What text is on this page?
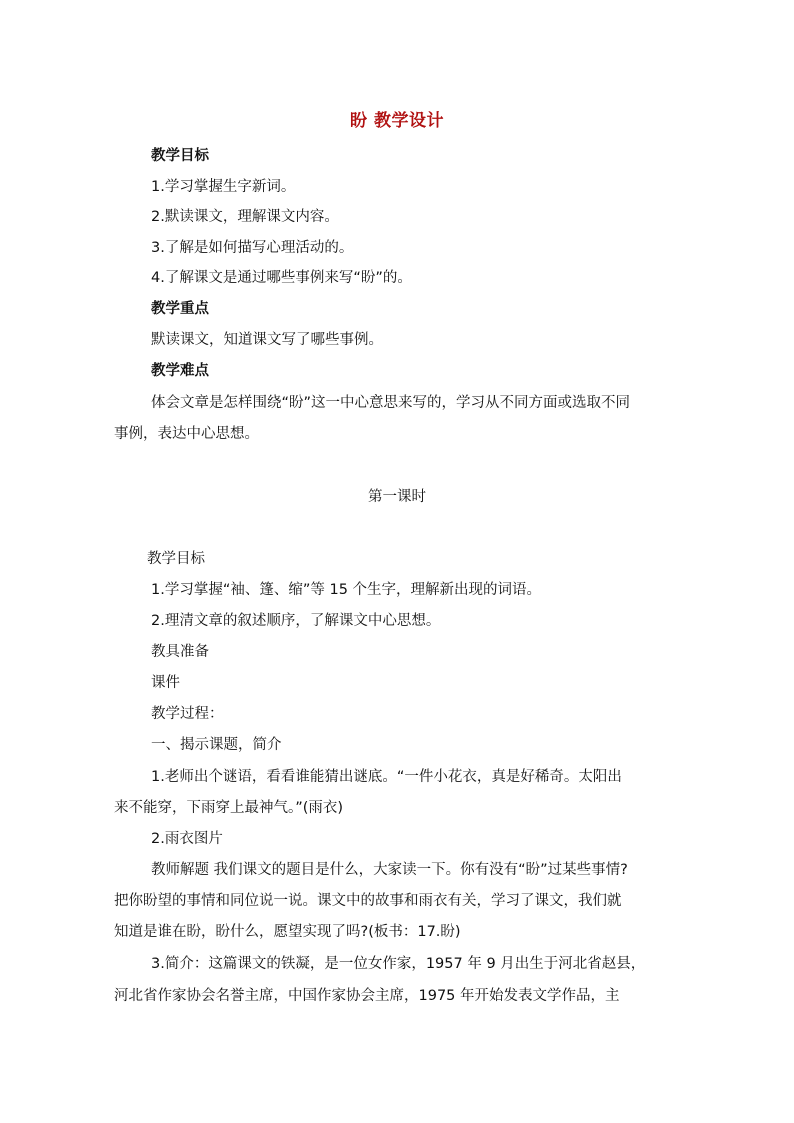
盼 教学设计
教学目标
1.学习掌握生字新词。
2.默读课文，理解课文内容。
3.了解是如何描写心理活动的。
4.了解课文是通过哪些事例来写“盼”的。
教学重点
默读课文，知道课文写了哪些事例。
教学难点
体会文章是怎样围绕“盼”这一中心意思来写的，学习从不同方面或选取不同
事例，表达中心思想。
第一课时
教学目标
1.学习掌握“袖、篷、缩”等 15 个生字，理解新出现的词语。
2.理清文章的叙述顺序，了解课文中心思想。
教具准备
课件
教学过程：
一、揭示课题，简介
1.老师出个谜语，看看谁能猜出谜底。“一件小花衣，真是好稀奇。太阳出
来不能穿，下雨穿上最神气。”(雨衣)
2.雨衣图片
教师解题 我们课文的题目是什么，大家读一下。你有没有“盼”过某些事情?
把你盼望的事情和同位说一说。课文中的故事和雨衣有关，学习了课文，我们就
知道是谁在盼，盼什么，愿望实现了吗?(板书：17.盼)
3.简介：这篇课文的铁凝，是一位女作家，1957 年 9 月出生于河北省赵县，
河北省作家协会名誉主席，中国作家协会主席，1975 年开始发表文学作品，主
